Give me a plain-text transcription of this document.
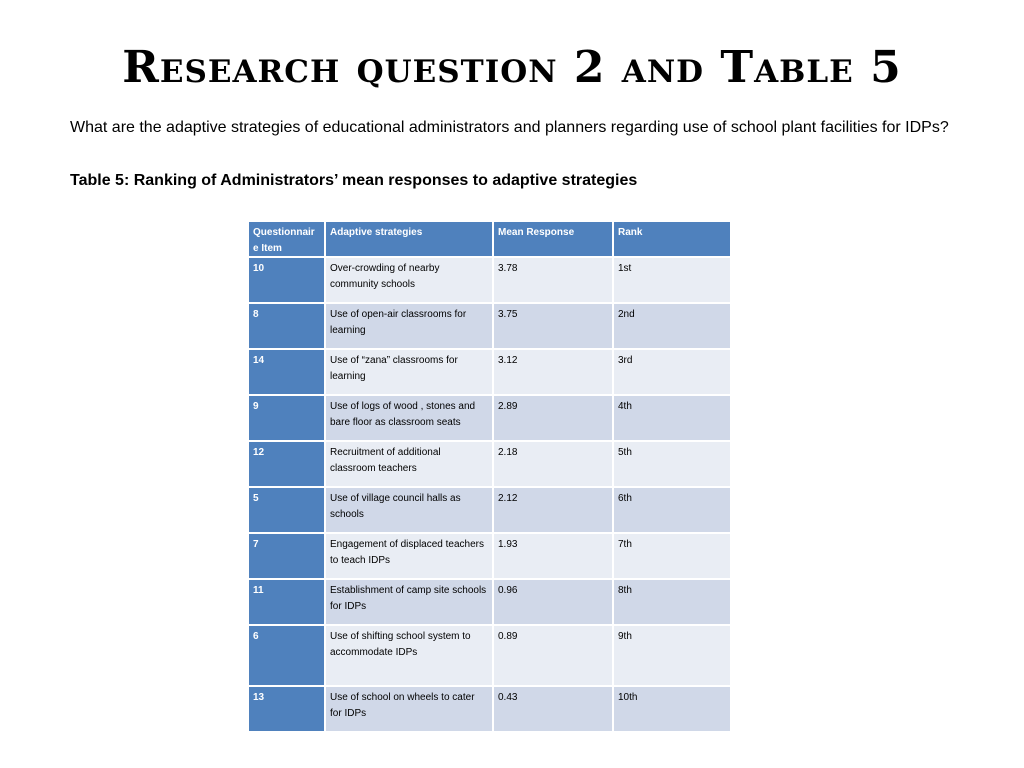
Research question 2 and Table 5

What are the adaptive strategies of educational administrators and planners regarding use of school plant facilities for IDPs?

Table 5: Ranking of Administrators’ mean responses to adaptive strategies

Questionnaire Item	Adaptive strategies	Mean Response	Rank
10	Over-crowding of nearby community schools	3.78	1st
8	Use of open-air classrooms for learning	3.75	2nd
14	Use of “zana” classrooms for learning	3.12	3rd
9	Use of logs of wood , stones and bare floor as classroom seats	2.89	4th
12	Recruitment of additional classroom teachers	2.18	5th
5	Use of village council halls as schools	2.12	6th
7	Engagement of displaced teachers to teach IDPs	1.93	7th
11	Establishment of camp site schools for IDPs	0.96	8th
6	Use of shifting school system to accommodate IDPs	0.89	9th
13	Use of school on wheels to cater for IDPs	0.43	10th
